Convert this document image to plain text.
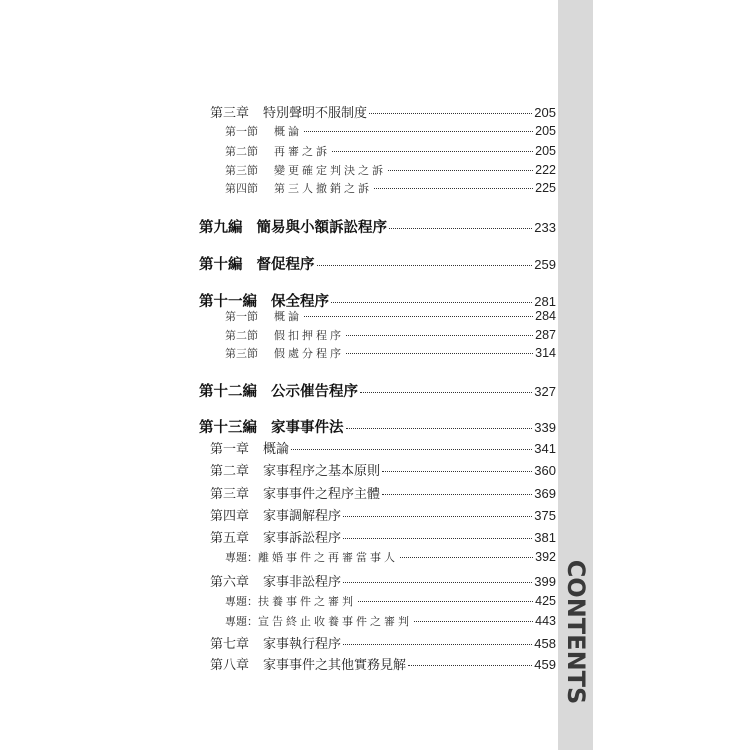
CONTENTS
第三章 特別聲明不服制度	205
第一節 概論	205
第二節 再審之訴	205
第三節 變更確定判決之訴	222
第四節 第三人撤銷之訴	225
第九編 簡易與小額訴訟程序	233
第十編 督促程序	259
第十一編 保全程序	281
第一節 概論	284
第二節 假扣押程序	287
第三節 假處分程序	314
第十二編 公示催告程序	327
第十三編 家事事件法	339
第一章 概論	341
第二章 家事程序之基本原則	360
第三章 家事事件之程序主體	369
第四章 家事調解程序	375
第五章 家事訴訟程序	381
專題：離婚事件之再審當事人	392
第六章 家事非訟程序	399
專題：扶養事件之審判	425
專題：宣告終止收養事件之審判	443
第七章 家事執行程序	458
第八章 家事事件之其他實務見解	459
